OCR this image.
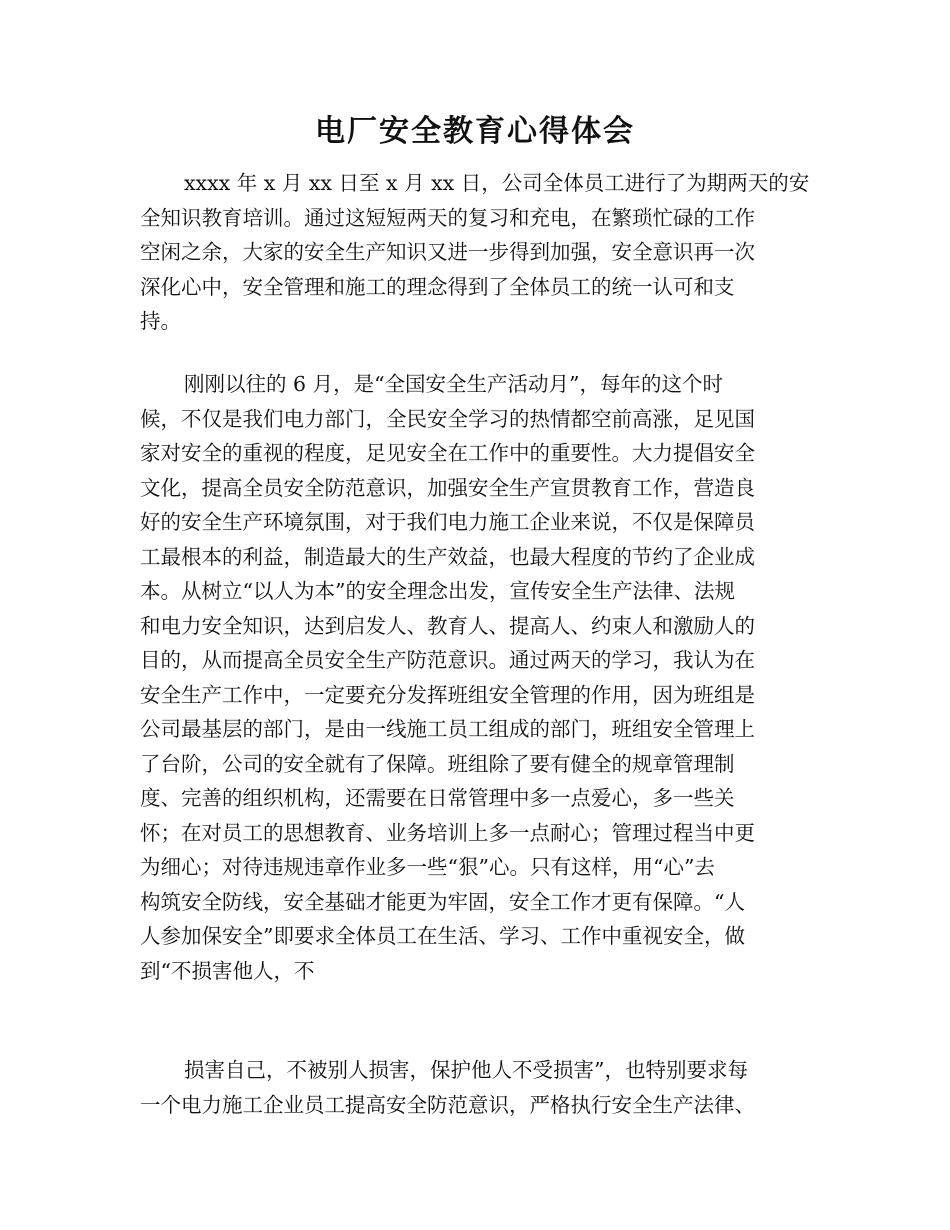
电厂安全教育心得体会
xxxx 年 x 月 xx 日至 x 月 xx 日，公司全体员工进行了为期两天的安
全知识教育培训。通过这短短两天的复习和充电，在繁琐忙碌的工作
空闲之余，大家的安全生产知识又进一步得到加强，安全意识再一次
深化心中，安全管理和施工的理念得到了全体员工的统一认可和支
持。
刚刚以往的 6 月，是“全国安全生产活动月”，每年的这个时
候，不仅是我们电力部门，全民安全学习的热情都空前高涨，足见国
家对安全的重视的程度，足见安全在工作中的重要性。大力提倡安全
文化，提高全员安全防范意识，加强安全生产宣贯教育工作，营造良
好的安全生产环境氛围，对于我们电力施工企业来说，不仅是保障员
工最根本的利益，制造最大的生产效益，也最大程度的节约了企业成
本。从树立“以人为本”的安全理念出发，宣传安全生产法律、法规
和电力安全知识，达到启发人、教育人、提高人、约束人和激励人的
目的，从而提高全员安全生产防范意识。通过两天的学习，我认为在
安全生产工作中，一定要充分发挥班组安全管理的作用，因为班组是
公司最基层的部门，是由一线施工员工组成的部门，班组安全管理上
了台阶，公司的安全就有了保障。班组除了要有健全的规章管理制
度、完善的组织机构，还需要在日常管理中多一点爱心，多一些关
怀；在对员工的思想教育、业务培训上多一点耐心；管理过程当中更
为细心；对待违规违章作业多一些“狠”心。只有这样，用“心”去
构筑安全防线，安全基础才能更为牢固，安全工作才更有保障。“人
人参加保安全”即要求全体员工在生活、学习、工作中重视安全，做
到“不损害他人，不
损害自己，不被别人损害，保护他人不受损害”，也特别要求每
一个电力施工企业员工提高安全防范意识，严格执行安全生产法律、
